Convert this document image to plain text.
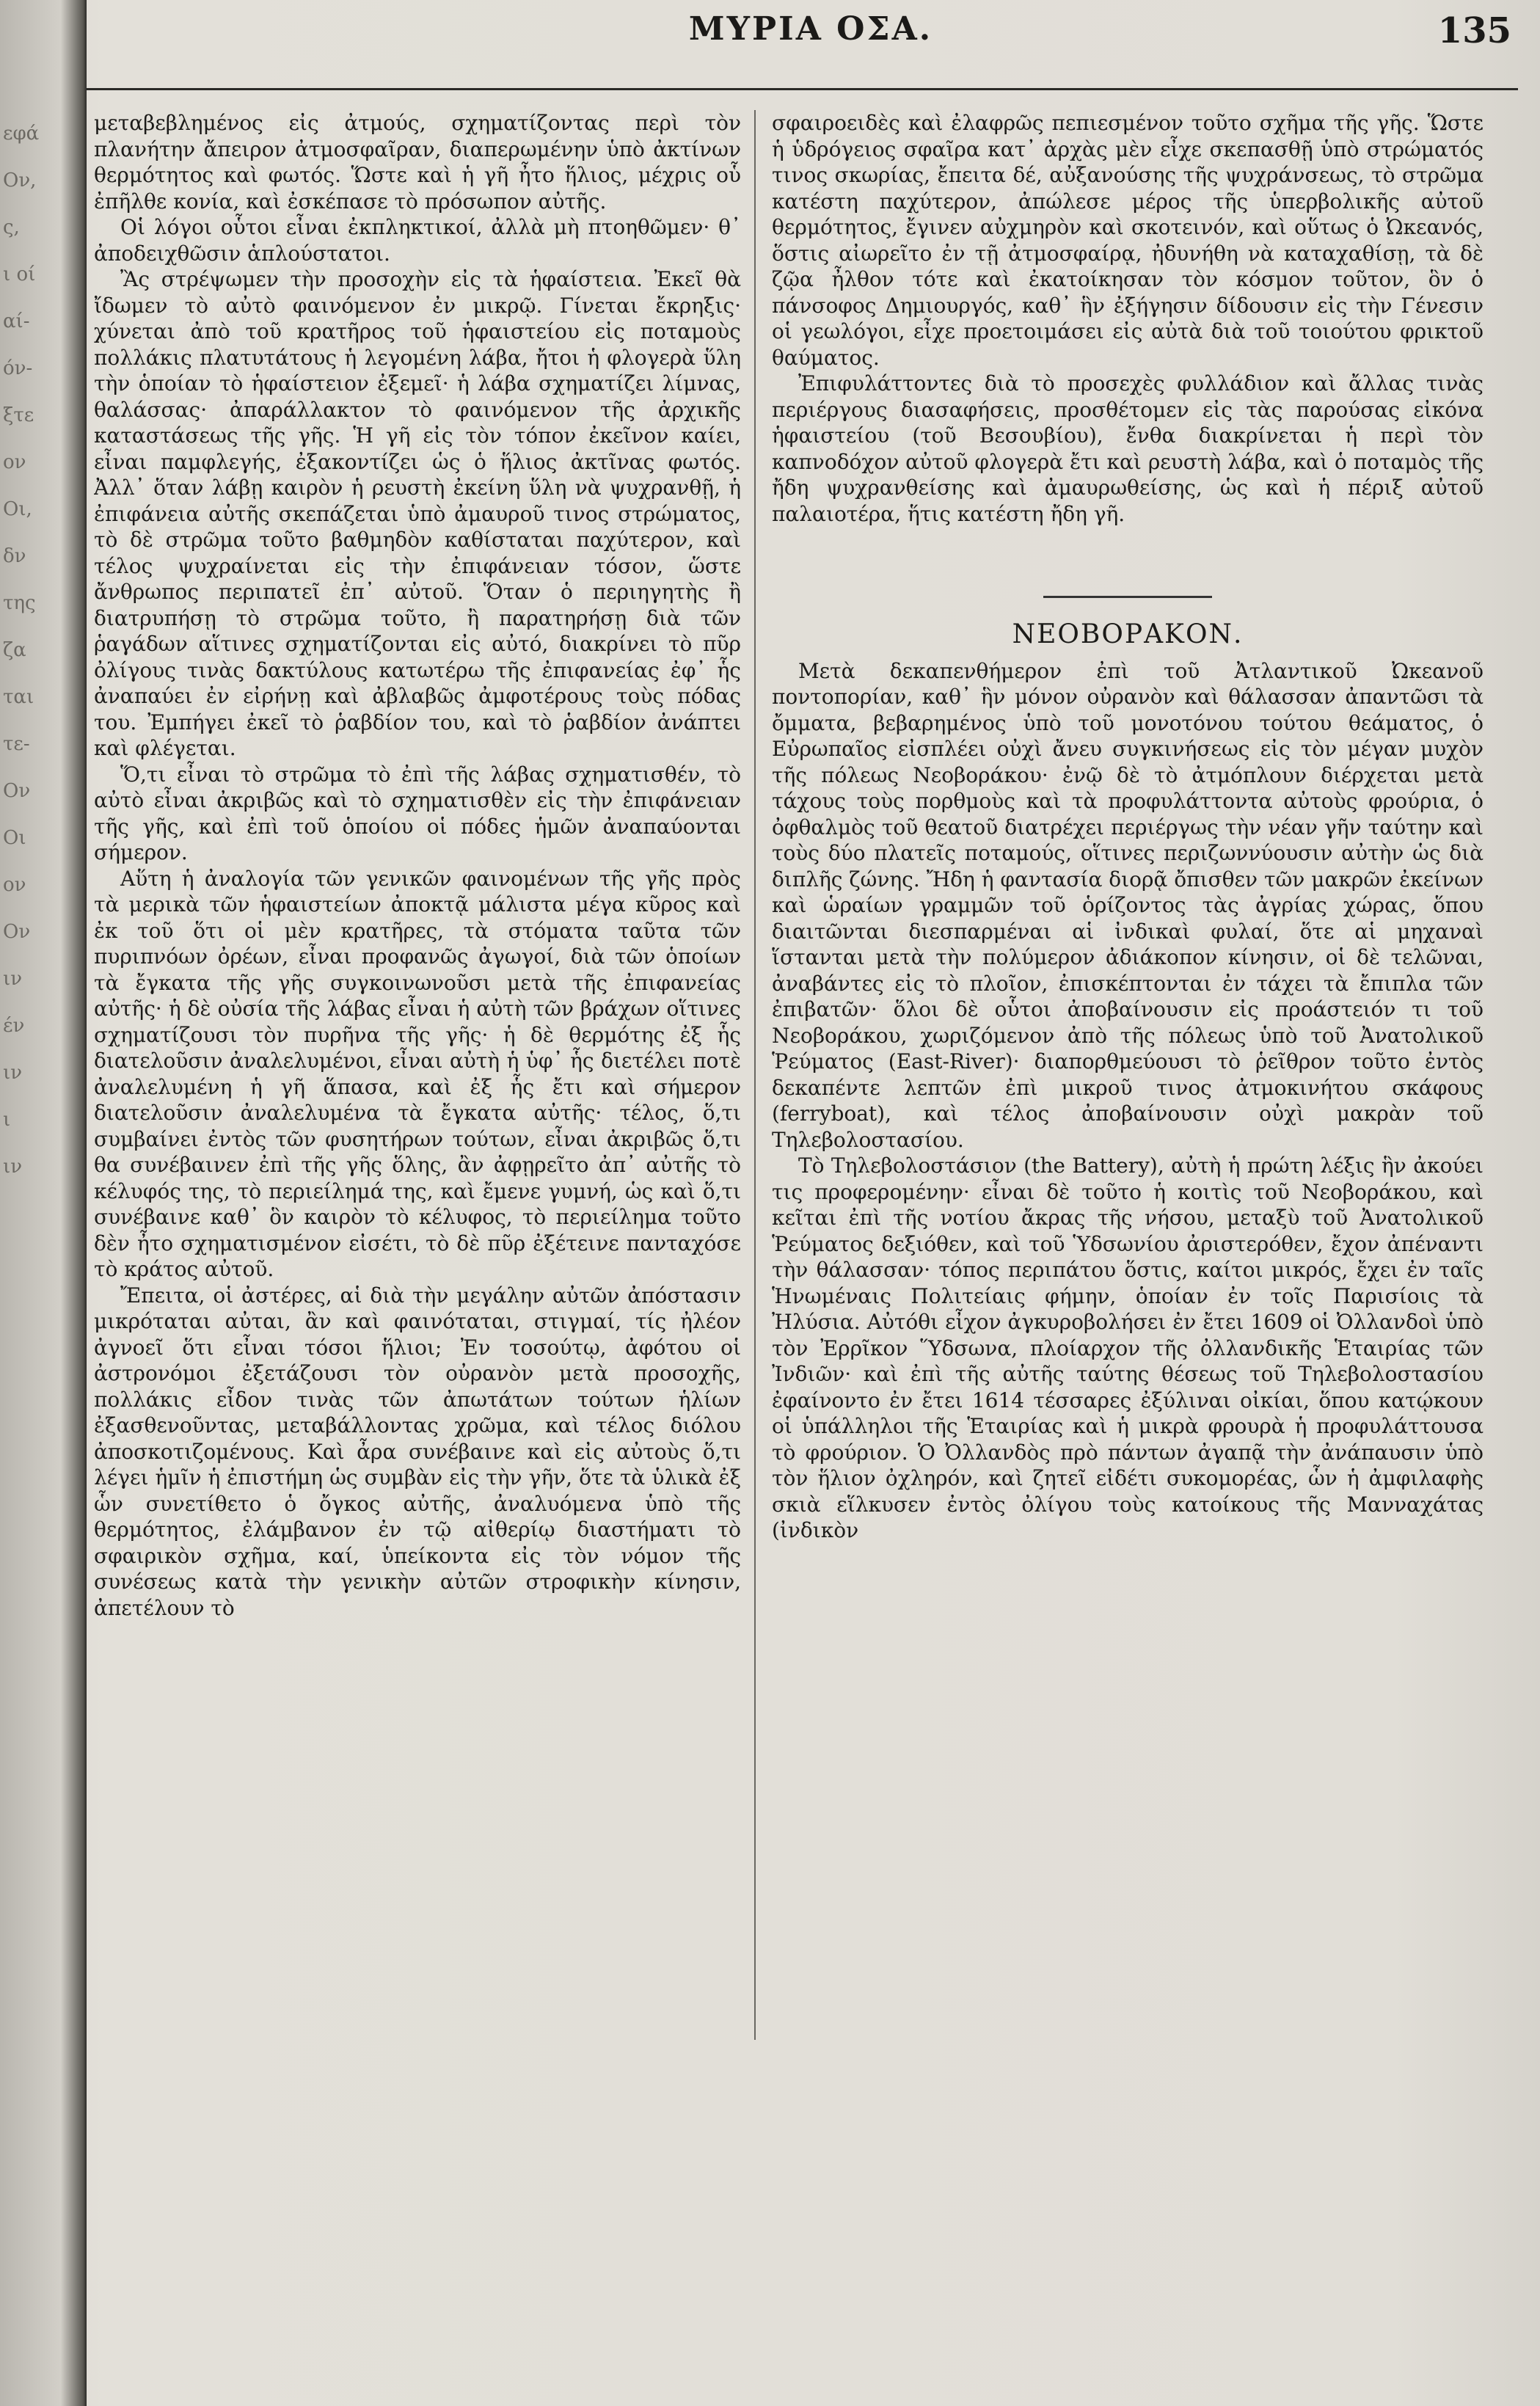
εφά
Ον,
ς,
ι οί
αί-
όν-
ξτε
ον
Οι,
δν
της
ζα
ται
τε-
Ον
Οι
ον
Ον
ιν
έν
ιν
ι
ιν
ΜΥΡΙΑ ΟΣΑ.	135

μεταβεβλημένος εἰς ἀτμούς, σχηματίζοντας περὶ τὸν πλανήτην ἄπειρον ἀτμοσφαῖραν, διαπερωμένην ὑπὸ ἀκτίνων θερμότητος καὶ φωτός. Ὥστε καὶ ἡ γῆ ἦτο ἥλιος, μέχρις οὗ ἐπῆλθε κονία, καὶ ἐσκέπασε τὸ πρόσωπον αὐτῆς.

Οἱ λόγοι οὗτοι εἶναι ἐκπληκτικοί, ἀλλὰ μὴ πτοηθῶμεν· θ᾽ ἀποδειχθῶσιν ἁπλούστατοι.

Ἂς στρέψωμεν τὴν προσοχὴν εἰς τὰ ἡφαίστεια. Ἐκεῖ θὰ ἴδωμεν τὸ αὐτὸ φαινόμενον ἐν μικρῷ. Γίνεται ἔκρηξις· χύνεται ἀπὸ τοῦ κρατῆρος τοῦ ἡφαιστείου εἰς ποταμοὺς πολλάκις πλατυτάτους ἡ λεγομένη λάβα, ἤτοι ἡ φλογερὰ ὕλη τὴν ὁποίαν τὸ ἡφαίστειον ἐξεμεῖ· ἡ λάβα σχηματίζει λίμνας, θαλάσσας· ἀπαράλλακτον τὸ φαινόμενον τῆς ἀρχικῆς καταστάσεως τῆς γῆς. Ἡ γῆ εἰς τὸν τόπον ἐκεῖνον καίει, εἶναι παμφλεγής, ἐξακοντίζει ὡς ὁ ἥλιος ἀκτῖνας φωτός. Ἀλλ᾽ ὅταν λάβῃ καιρὸν ἡ ρευστὴ ἐκείνη ὕλη νὰ ψυχρανθῇ, ἡ ἐπιφάνεια αὐτῆς σκεπάζεται ὑπὸ ἀμαυροῦ τινος στρώματος, τὸ δὲ στρῶμα τοῦτο βαθμηδὸν καθίσταται παχύτερον, καὶ τέλος ψυχραίνεται εἰς τὴν ἐπιφάνειαν τόσον, ὥστε ἄνθρωπος περιπατεῖ ἐπ᾽ αὐτοῦ. Ὅταν ὁ περιηγητὴς ἢ διατρυπήσῃ τὸ στρῶμα τοῦτο, ἢ παρατηρήσῃ διὰ τῶν ῥαγάδων αἵτινες σχηματίζονται εἰς αὐτό, διακρίνει τὸ πῦρ ὀλίγους τινὰς δακτύλους κατωτέρω τῆς ἐπιφανείας ἐφ᾽ ἧς ἀναπαύει ἐν εἰρήνῃ καὶ ἀβλαβῶς ἀμφοτέρους τοὺς πόδας του. Ἐμπήγει ἐκεῖ τὸ ῥαβδίον του, καὶ τὸ ῥαβδίον ἀνάπτει καὶ φλέγεται.

Ὅ,τι εἶναι τὸ στρῶμα τὸ ἐπὶ τῆς λάβας σχηματισθέν, τὸ αὐτὸ εἶναι ἀκριβῶς καὶ τὸ σχηματισθὲν εἰς τὴν ἐπιφάνειαν τῆς γῆς, καὶ ἐπὶ τοῦ ὁποίου οἱ πόδες ἡμῶν ἀναπαύονται σήμερον.

Αὕτη ἡ ἀναλογία τῶν γενικῶν φαινομένων τῆς γῆς πρὸς τὰ μερικὰ τῶν ἡφαιστείων ἀποκτᾷ μάλιστα μέγα κῦρος καὶ ἐκ τοῦ ὅτι οἱ μὲν κρατῆρες, τὰ στόματα ταῦτα τῶν πυριπνόων ὀρέων, εἶναι προφανῶς ἀγωγοί, διὰ τῶν ὁποίων τὰ ἔγκατα τῆς γῆς συγκοινωνοῦσι μετὰ τῆς ἐπιφανείας αὐτῆς· ἡ δὲ οὐσία τῆς λάβας εἶναι ἡ αὐτὴ τῶν βράχων οἵτινες σχηματίζουσι τὸν πυρῆνα τῆς γῆς· ἡ δὲ θερμότης ἐξ ἧς διατελοῦσιν ἀναλελυμένοι, εἶναι αὐτὴ ἡ ὑφ᾽ ἧς διετέλει ποτὲ ἀναλελυμένη ἡ γῆ ἅπασα, καὶ ἐξ ἧς ἔτι καὶ σήμερον διατελοῦσιν ἀναλελυμένα τὰ ἔγκατα αὐτῆς· τέλος, ὅ,τι συμβαίνει ἐντὸς τῶν φυσητήρων τούτων, εἶναι ἀκριβῶς ὅ,τι θα συνέβαινεν ἐπὶ τῆς γῆς ὅλης, ἂν ἀφῃρεῖτο ἀπ᾽ αὐτῆς τὸ κέλυφός της, τὸ περιείλημά της, καὶ ἔμενε γυμνή, ὡς καὶ ὅ,τι συνέβαινε καθ᾽ ὃν καιρὸν τὸ κέλυφος, τὸ περιείλημα τοῦτο δὲν ἦτο σχηματισμένον εἰσέτι, τὸ δὲ πῦρ ἐξέτεινε πανταχόσε τὸ κράτος αὐτοῦ.

Ἔπειτα, οἱ ἀστέρες, αἱ διὰ τὴν μεγάλην αὐτῶν ἀπόστασιν μικρόταται αὐται, ἂν καὶ φαινόταται, στιγμαί, τίς ἠλέον ἀγνοεῖ ὅτι εἶναι τόσοι ἥλιοι; Ἐν τοσούτῳ, ἀφότου οἱ ἀστρονόμοι ἐξετάζουσι τὸν οὐρανὸν μετὰ προσοχῆς, πολλάκις εἶδον τινὰς τῶν ἀπωτάτων τούτων ἡλίων ἐξασθενοῦντας, μεταβάλλοντας χρῶμα, καὶ τέλος διόλου ἀποσκοτιζομένους. Καὶ ἆρα συνέβαινε καὶ εἰς αὐτοὺς ὅ,τι λέγει ἡμῖν ἡ ἐπιστήμη ὡς συμβὰν εἰς τὴν γῆν, ὅτε τὰ ὑλικὰ ἐξ ὧν συνετίθετο ὁ ὄγκος αὐτῆς, ἀναλυόμενα ὑπὸ τῆς θερμότητος, ἐλάμβανον ἐν τῷ αἰθερίῳ διαστήματι τὸ σφαιρικὸν σχῆμα, καί, ὑπείκοντα εἰς τὸν νόμον τῆς συνέσεως κατὰ τὴν γενικὴν αὐτῶν στροφικὴν κίνησιν, ἀπετέλουν τὸ

σφαιροειδὲς καὶ ἐλαφρῶς πεπιεσμένον τοῦτο σχῆμα τῆς γῆς. Ὥστε ἡ ὑδρόγειος σφαῖρα κατ᾽ ἀρχὰς μὲν εἶχε σκεπασθῇ ὑπὸ στρώματός τινος σκωρίας, ἔπειτα δέ, αὐξανούσης τῆς ψυχράνσεως, τὸ στρῶμα κατέστη παχύτερον, ἀπώλεσε μέρος τῆς ὑπερβολικῆς αὐτοῦ θερμότητος, ἔγινεν αὐχμηρὸν καὶ σκοτεινόν, καὶ οὕτως ὁ Ὠκεανός, ὅστις αἰωρεῖτο ἐν τῇ ἀτμοσφαίρᾳ, ἠδυνήθη νὰ καταχαθίσῃ, τὰ δὲ ζῷα ἦλθον τότε καὶ ἐκατοίκησαν τὸν κόσμον τοῦτον, ὃν ὁ πάνσοφος Δημιουργός, καθ᾽ ἣν ἐξήγησιν δίδουσιν εἰς τὴν Γένεσιν οἱ γεωλόγοι, εἶχε προετοιμάσει εἰς αὐτὰ διὰ τοῦ τοιούτου φρικτοῦ θαύματος.

Ἐπιφυλάττοντες διὰ τὸ προσεχὲς φυλλάδιον καὶ ἄλλας τινὰς περιέργους διασαφήσεις, προσθέτομεν εἰς τὰς παρούσας εἰκόνα ἡφαιστείου (τοῦ Βεσουβίου), ἔνθα διακρίνεται ἡ περὶ τὸν καπνοδόχον αὐτοῦ φλογερὰ ἔτι καὶ ρευστὴ λάβα, καὶ ὁ ποταμὸς τῆς ἤδη ψυχρανθείσης καὶ ἀμαυρωθείσης, ὡς καὶ ἡ πέριξ αὐτοῦ παλαιοτέρα, ἥτις κατέστη ἤδη γῆ.

ΝΕΟΒΟΡΑΚΟΝ.

Μετὰ δεκαπενθήμερον ἐπὶ τοῦ Ἀτλαντικοῦ Ὠκεανοῦ ποντοπορίαν, καθ᾽ ἣν μόνον οὐρανὸν καὶ θάλασσαν ἀπαντῶσι τὰ ὄμματα, βεβαρημένος ὑπὸ τοῦ μονοτόνου τούτου θεάματος, ὁ Εὐρωπαῖος εἰσπλέει οὐχὶ ἄνευ συγκινήσεως εἰς τὸν μέγαν μυχὸν τῆς πόλεως Νεοβοράκου· ἐνῷ δὲ τὸ ἀτμόπλουν διέρχεται μετὰ τάχους τοὺς πορθμοὺς καὶ τὰ προφυλάττοντα αὐτοὺς φρούρια, ὁ ὀφθαλμὸς τοῦ θεατοῦ διατρέχει περιέργως τὴν νέαν γῆν ταύτην καὶ τοὺς δύο πλατεῖς ποταμούς, οἵτινες περιζωννύουσιν αὐτὴν ὡς διὰ διπλῆς ζώνης. Ἤδη ἡ φαντασία διορᾷ ὄπισθεν τῶν μακρῶν ἐκείνων καὶ ὡραίων γραμμῶν τοῦ ὁρίζοντος τὰς ἀγρίας χώρας, ὅπου διαιτῶνται διεσπαρμέναι αἱ ἰνδικαὶ φυλαί, ὅτε αἱ μηχαναὶ ἵστανται μετὰ τὴν πολύμερον ἀδιάκοπον κίνησιν, οἱ δὲ τελῶναι, ἀναβάντες εἰς τὸ πλοῖον, ἐπισκέπτονται ἐν τάχει τὰ ἔπιπλα τῶν ἐπιβατῶν· ὅλοι δὲ οὗτοι ἀποβαίνουσιν εἰς προάστειόν τι τοῦ Νεοβοράκου, χωριζόμενον ἀπὸ τῆς πόλεως ὑπὸ τοῦ Ἀνατολικοῦ Ῥεύματος (East-River)· διαπορθμεύουσι τὸ ῥεῖθρον τοῦτο ἐντὸς δεκαπέντε λεπτῶν ἐπὶ μικροῦ τινος ἀτμοκινήτου σκάφους (ferryboat), καὶ τέλος ἀποβαίνουσιν οὐχὶ μακρὰν τοῦ Τηλεβολοστασίου.

Τὸ Τηλεβολοστάσιον (the Battery), αὐτὴ ἡ πρώτη λέξις ἣν ἀκούει τις προφερομένην· εἶναι δὲ τοῦτο ἡ κοιτὶς τοῦ Νεοβοράκου, καὶ κεῖται ἐπὶ τῆς νοτίου ἄκρας τῆς νήσου, μεταξὺ τοῦ Ἀνατολικοῦ Ῥεύματος δεξιόθεν, καὶ τοῦ Ὑδσωνίου ἀριστερόθεν, ἔχον ἀπέναντι τὴν θάλασσαν· τόπος περιπάτου ὅστις, καίτοι μικρός, ἔχει ἐν ταῖς Ἡνωμέναις Πολιτείαις φήμην, ὁποίαν ἐν τοῖς Παρισίοις τὰ Ἠλύσια. Αὐτόθι εἶχον ἀγκυροβολήσει ἐν ἔτει 1609 οἱ Ὀλλανδοὶ ὑπὸ τὸν Ἐρρῖκον Ὕδσωνα, πλοίαρχον τῆς ὀλλανδικῆς Ἑταιρίας τῶν Ἰνδιῶν· καὶ ἐπὶ τῆς αὐτῆς ταύτης θέσεως τοῦ Τηλεβολοστασίου ἐφαίνοντο ἐν ἔτει 1614 τέσσαρες ἐξύλιναι οἰκίαι, ὅπου κατῴκουν οἱ ὑπάλληλοι τῆς Ἑταιρίας καὶ ἡ μικρὰ φρουρὰ ἡ προφυλάττουσα τὸ φρούριον. Ὁ Ὀλλανδὸς πρὸ πάντων ἀγαπᾷ τὴν ἀνάπαυσιν ὑπὸ τὸν ἥλιον ὀχληρόν, καὶ ζητεῖ εἰδέτι συκομορέας, ὧν ἡ ἀμφιλαφὴς σκιὰ εἵλκυσεν ἐντὸς ὀλίγου τοὺς κατοίκους τῆς Μανναχάτας (ἰνδικὸν
